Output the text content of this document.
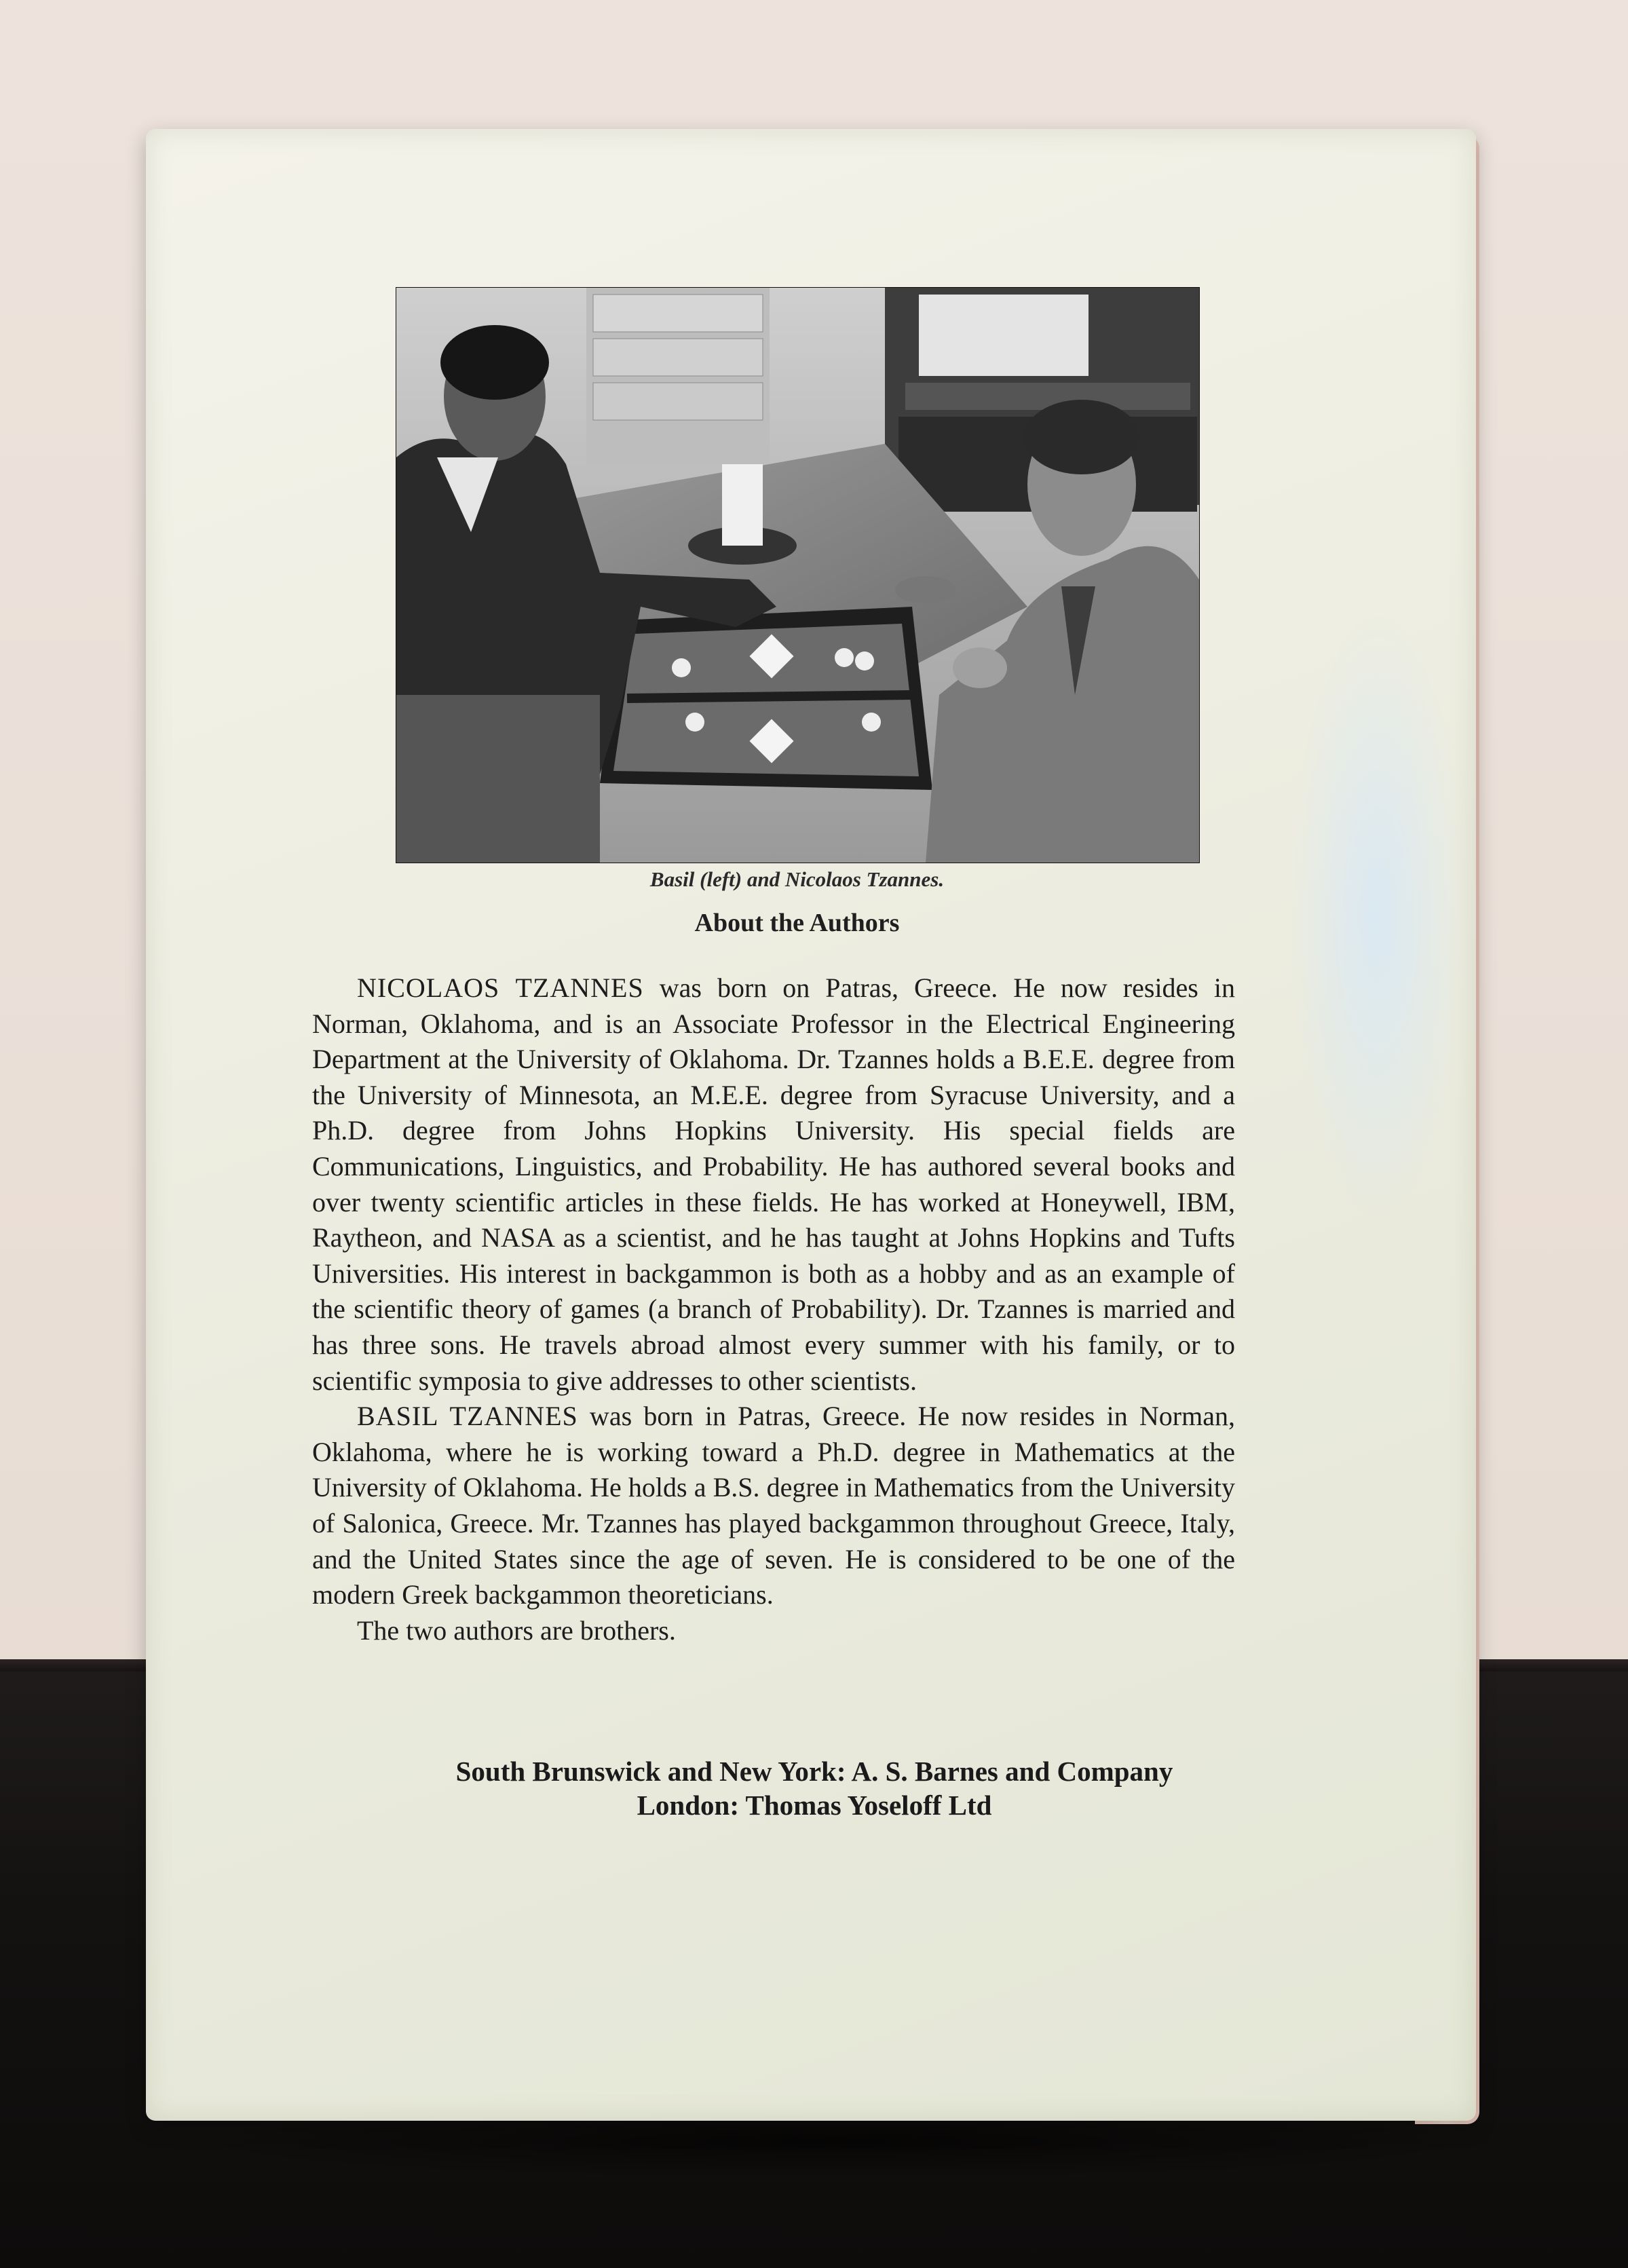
Basil (left) and Nicolaos Tzannes.
About the Authors

NICOLAOS TZANNES was born on Patras, Greece. He now resides in Norman, Oklahoma, and is an Associate Professor in the Electrical Engineering Department at the University of Oklahoma. Dr. Tzannes holds a B.E.E. degree from the University of Minnesota, an M.E.E. degree from Syracuse University, and a Ph.D. degree from Johns Hopkins University. His special fields are Communications, Linguistics, and Probability. He has authored several books and over twenty scientific articles in these fields. He has worked at Honeywell, IBM, Raytheon, and NASA as a scientist, and he has taught at Johns Hopkins and Tufts Universities. His interest in backgammon is both as a hobby and as an example of the scientific theory of games (a branch of Probability). Dr. Tzannes is married and has three sons. He travels abroad almost every summer with his family, or to scientific symposia to give addresses to other scientists.

BASIL TZANNES was born in Patras, Greece. He now resides in Norman, Oklahoma, where he is working toward a Ph.D. degree in Mathematics at the University of Oklahoma. He holds a B.S. degree in Mathematics from the University of Salonica, Greece. Mr. Tzannes has played backgammon throughout Greece, Italy, and the United States since the age of seven. He is considered to be one of the modern Greek backgammon theoreticians.

The two authors are brothers.

South Brunswick and New York: A. S. Barnes and Company
London: Thomas Yoseloff Ltd
